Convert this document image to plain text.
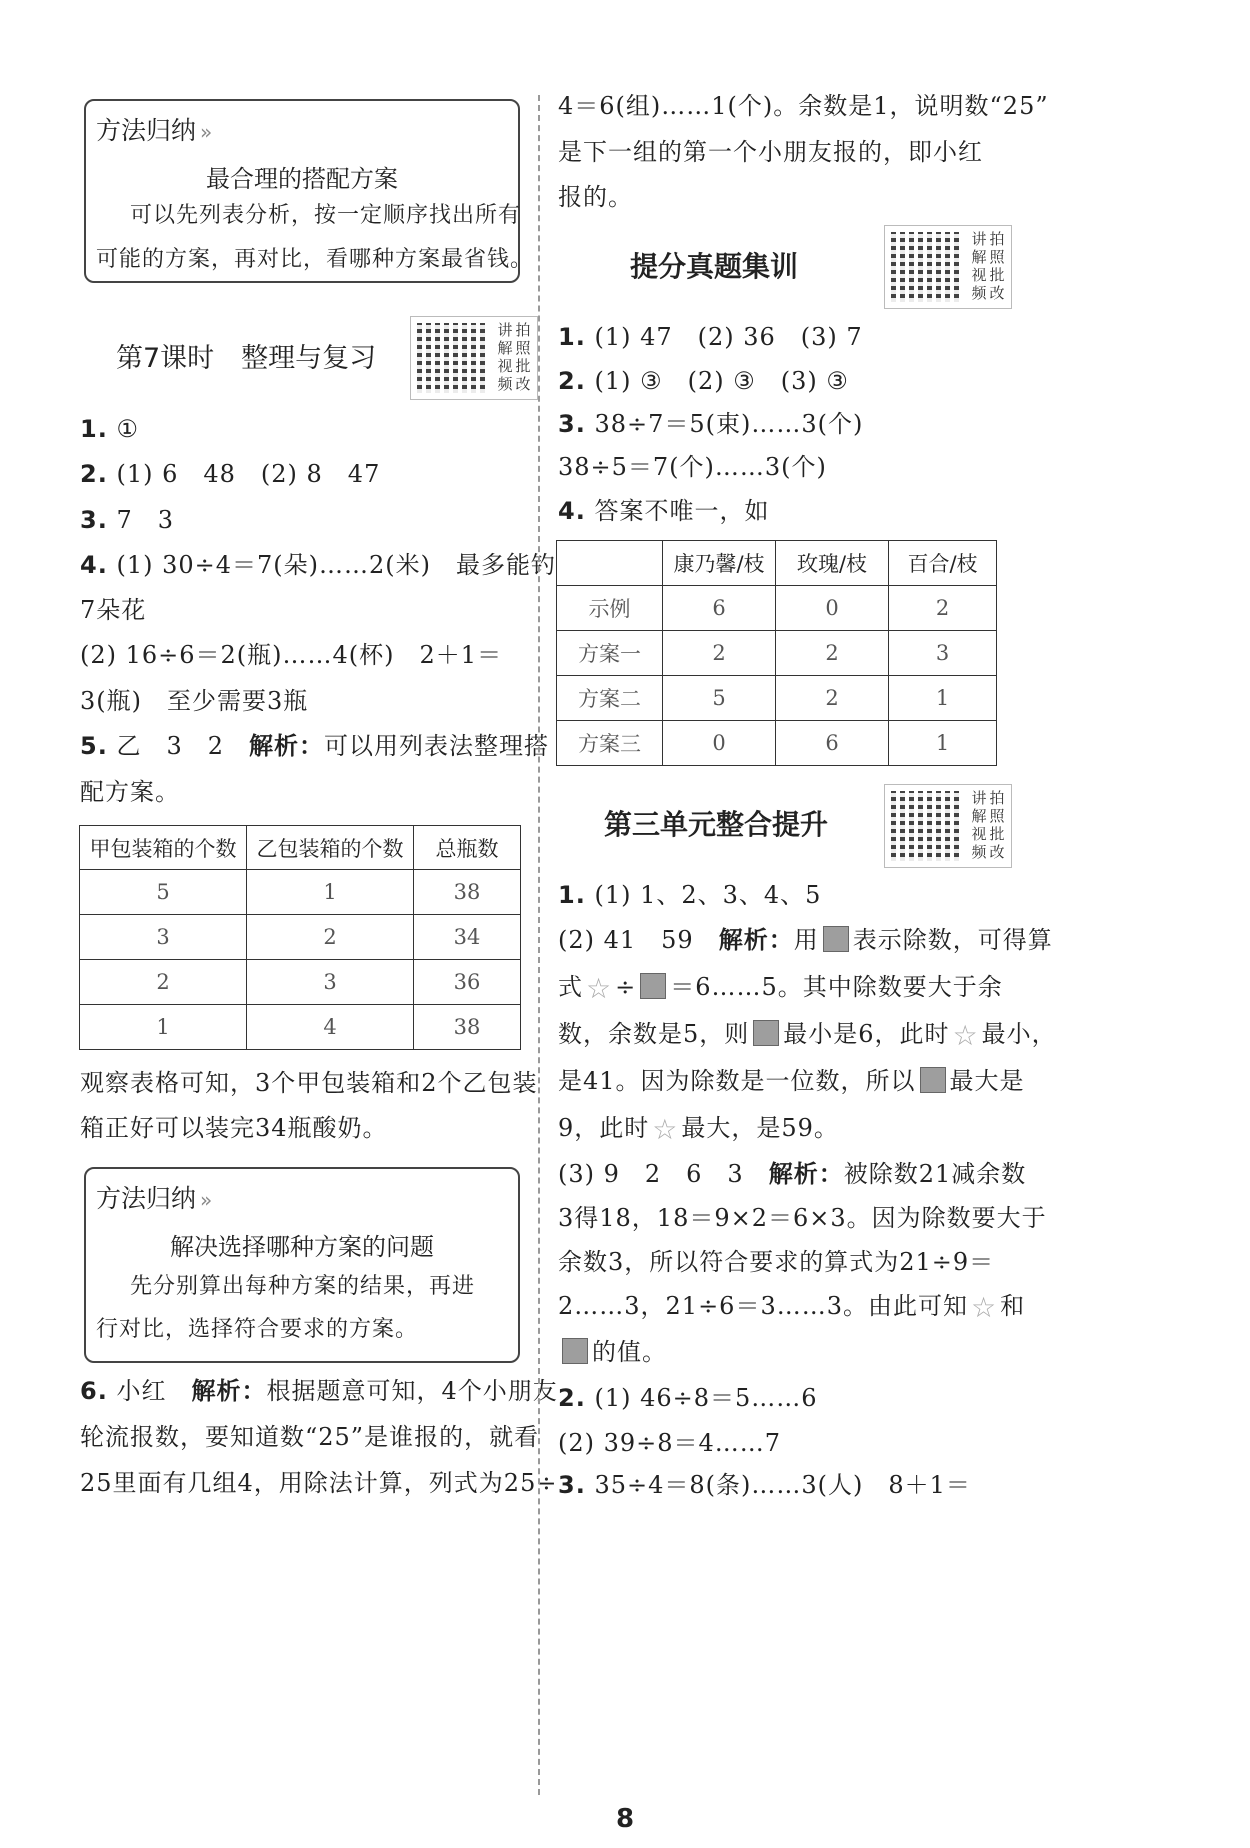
方法归纳 »
最合理的搭配方案
可以先列表分析，按一定顺序找出所有
可能的方案，再对比，看哪种方案最省钱。
第7课时　整理与复习
讲 拍解 照视 批频 改
1. ①
2. (1) 6　48　(2) 8　47
3. 7　3
4. (1) 30÷4＝7(朵)……2(米)　最多能钓
7朵花
(2) 16÷6＝2(瓶)……4(杯)　2＋1＝
3(瓶)　至少需要3瓶
5. 乙　3　2　 解析：可以用列表法整理搭
配方案。
甲包装箱的个数	乙包装箱的个数	总瓶数
5	1	38
3	2	34
2	3	36
1	4	38
观察表格可知，3个甲包装箱和2个乙包装
箱正好可以装完34瓶酸奶。
方法归纳 »
解决选择哪种方案的问题
先分别算出每种方案的结果，再进
行对比，选择符合要求的方案。
6. 小红　 解析：根据题意可知，4个小朋友
轮流报数，要知道数“25”是谁报的，就看
25里面有几组4，用除法计算，列式为25÷
4＝6(组)……1(个)。余数是1，说明数“25”
是下一组的第一个小朋友报的，即小红
报的。
提分真题集训
讲 拍解 照视 批频 改
1. (1) 47　(2) 36　(3) 7
2. (1) ③　(2) ③　(3) ③
3. 38÷7＝5(束)……3(个)
38÷5＝7(个)……3(个)
4. 答案不唯一，如
	康乃馨/枝	玫瑰/枝	百合/枝
示例	6	0	2
方案一	2	2	3
方案二	5	2	1
方案三	0	6	1
第三单元整合提升
讲 拍解 照视 批频 改
1. (1) 1、2、3、4、5
(2) 41　59　 解析：用 表示除数，可得算
式 ☆ ÷ ＝6……5。其中除数要大于余
数，余数是5，则 最小是6，此时 ☆ 最小，
是41。因为除数是一位数，所以 最大是
9，此时 ☆ 最大，是59。
(3) 9　2　6　3　 解析：被除数21减余数
3得18，18＝9×2＝6×3。因为除数要大于
余数3，所以符合要求的算式为21÷9＝
2……3，21÷6＝3……3。由此可知 ☆ 和
的值。
2. (1) 46÷8＝5……6
(2) 39÷8＝4……7
3. 35÷4＝8(条)……3(人)　8＋1＝
8
